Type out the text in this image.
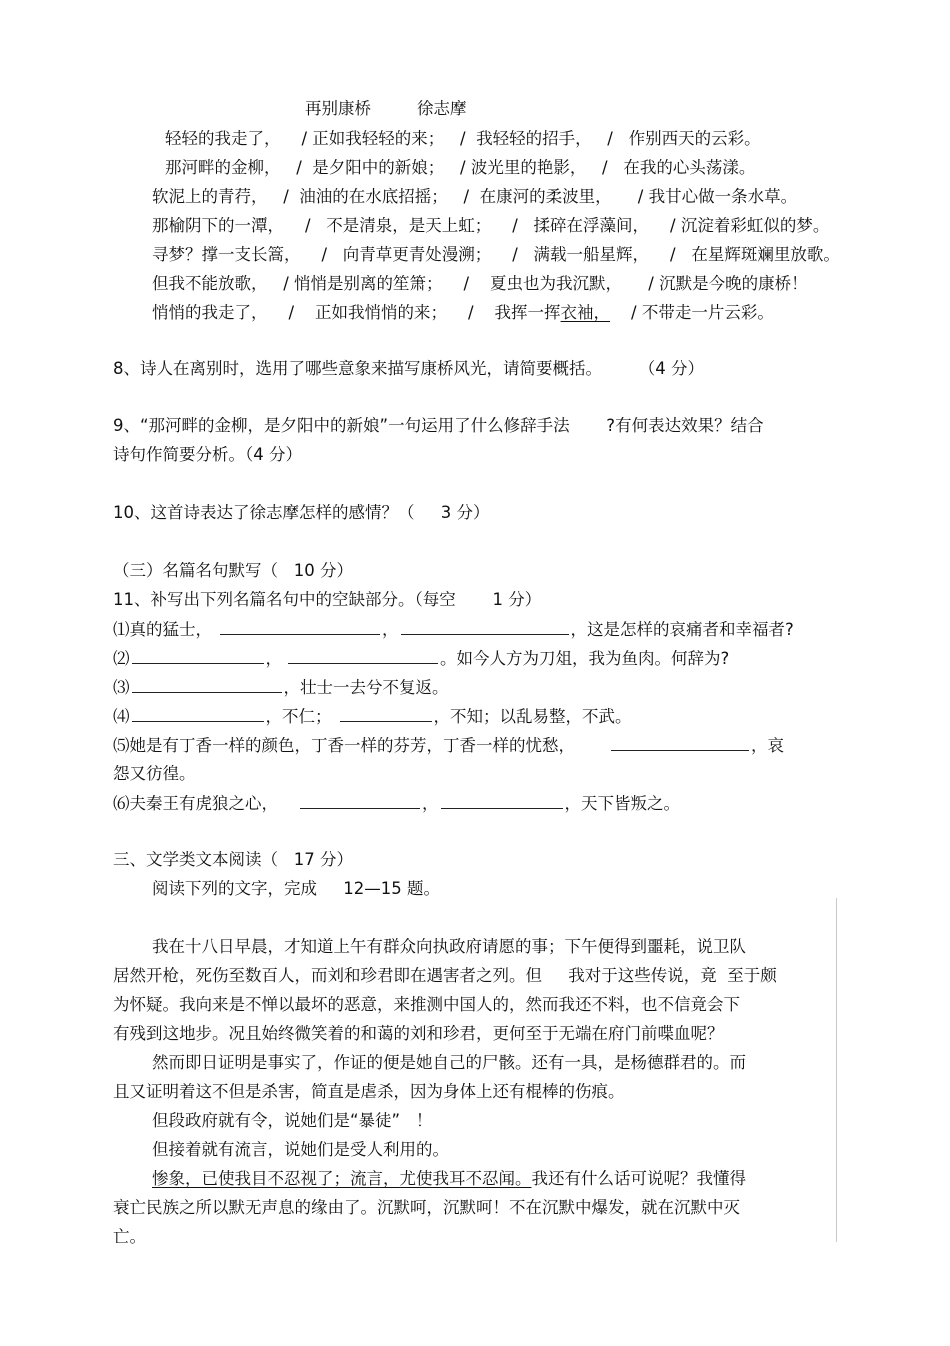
再别康桥	徐志摩
轻轻的我走了，    / 正如我轻轻的来；   /  我轻轻的招手，   /   作别西天的云彩。
那河畔的金柳，   /  是夕阳中的新娘；   / 波光里的艳影，   /   在我的心头荡漾。
软泥上的青荇，   /  油油的在水底招摇；   /  在康河的柔波里，     / 我甘心做一条水草。
那榆阴下的一潭，    /   不是清泉，是天上虹；    /   揉碎在浮藻间，    / 沉淀着彩虹似的梦。
寻梦？撑一支长篙，    /   向青草更青处漫溯；    /   满载一船星辉，    /   在星辉斑斓里放歌。
但我不能放歌，   / 悄悄是别离的笙箫；    /    夏虫也为我沉默，     / 沉默是今晚的康桥！
悄悄的我走了，    /    正如我悄悄的来；    /    我挥一挥衣袖，    / 不带走一片云彩。
8、诗人在离别时，选用了哪些意象来描写康桥风光，请简要概括。       （4 分）
9、“那河畔的金柳，是夕阳中的新娘”一句运用了什么修辞手法       ?有何表达效果？结合
诗句作简要分析。（4 分）
10、这首诗表达了徐志摩怎样的感情？（     3 分）
（三）名篇名句默写（   10 分）
11、补写出下列名篇名句中的空缺部分。（每空       1 分）
⑴真的猛士，	，	，这是怎样的哀痛者和幸福者?
⑵	，	。如今人方为刀俎，我为鱼肉。何辞为?
⑶	，壮士一去兮不复返。
⑷	，不仁；	，不知；以乱易整，不武。
⑸她是有丁香一样的颜色，丁香一样的芬芳，丁香一样的忧愁，	，哀
怨又彷徨。
⑹夫秦王有虎狼之心，	，	，天下皆叛之。
三、文学类文本阅读（   17 分）
阅读下列的文字，完成     12—15 题。
我在十八日早晨，才知道上午有群众向执政府请愿的事；下午便得到噩耗，说卫队
居然开枪，死伤至数百人，而刘和珍君即在遇害者之列。但     我对于这些传说，竟  至于颇
为怀疑。我向来是不惮以最坏的恶意，来推测中国人的，然而我还不料，也不信竟会下
有残到这地步。况且始终微笑着的和蔼的刘和珍君，更何至于无端在府门前喋血呢？
然而即日证明是事实了，作证的便是她自己的尸骸。还有一具，是杨德群君的。而
且又证明着这不但是杀害，简直是虐杀，因为身体上还有棍棒的伤痕。
但段政府就有令，说她们是“暴徒”   ！
但接着就有流言，说她们是受人利用的。
惨象，已使我目不忍视了；流言，尤使我耳不忍闻。我还有什么话可说呢？我懂得
衰亡民族之所以默无声息的缘由了。沉默呵，沉默呵！不在沉默中爆发，就在沉默中灭
亡。
